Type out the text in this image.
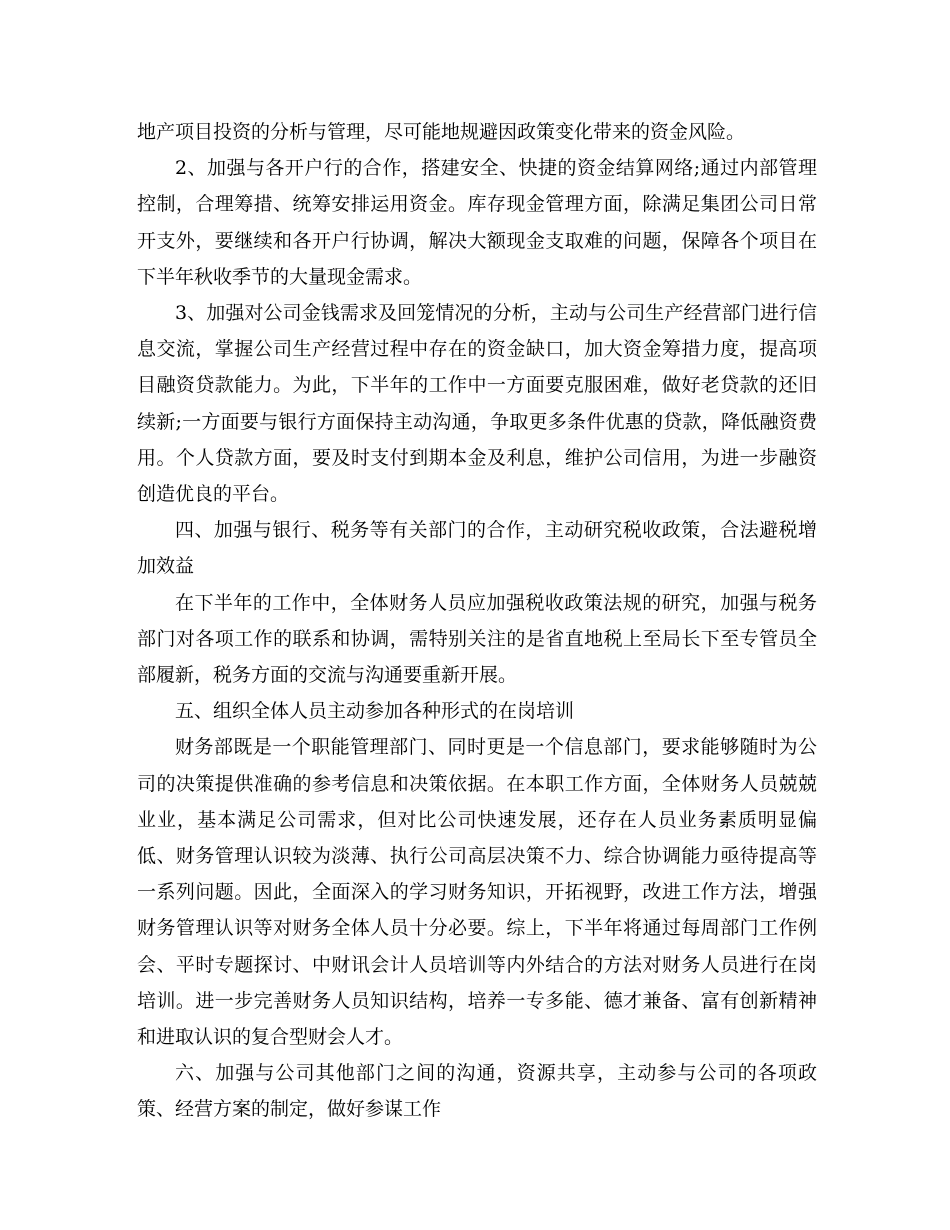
地产项目投资的分析与管理，尽可能地规避因政策变化带来的资金风险。

2、加强与各开户行的合作，搭建安全、快捷的资金结算网络;通过内部管理控制，合理筹措、统筹安排运用资金。库存现金管理方面，除满足集团公司日常开支外，要继续和各开户行协调，解决大额现金支取难的问题，保障各个项目在下半年秋收季节的大量现金需求。

3、加强对公司金钱需求及回笼情况的分析，主动与公司生产经营部门进行信息交流，掌握公司生产经营过程中存在的资金缺口，加大资金筹措力度，提高项目融资贷款能力。为此，下半年的工作中一方面要克服困难，做好老贷款的还旧续新;一方面要与银行方面保持主动沟通，争取更多条件优惠的贷款，降低融资费用。个人贷款方面，要及时支付到期本金及利息，维护公司信用，为进一步融资创造优良的平台。

四、加强与银行、税务等有关部门的合作，主动研究税收政策，合法避税增加效益

在下半年的工作中，全体财务人员应加强税收政策法规的研究，加强与税务部门对各项工作的联系和协调，需特别关注的是省直地税上至局长下至专管员全部履新，税务方面的交流与沟通要重新开展。

五、组织全体人员主动参加各种形式的在岗培训

财务部既是一个职能管理部门、同时更是一个信息部门，要求能够随时为公司的决策提供准确的参考信息和决策依据。在本职工作方面，全体财务人员兢兢业业，基本满足公司需求，但对比公司快速发展，还存在人员业务素质明显偏低、财务管理认识较为淡薄、执行公司高层决策不力、综合协调能力亟待提高等一系列问题。因此，全面深入的学习财务知识，开拓视野，改进工作方法，增强财务管理认识等对财务全体人员十分必要。综上，下半年将通过每周部门工作例会、平时专题探讨、中财讯会计人员培训等内外结合的方法对财务人员进行在岗培训。进一步完善财务人员知识结构，培养一专多能、德才兼备、富有创新精神和进取认识的复合型财会人才。

六、加强与公司其他部门之间的沟通，资源共享，主动参与公司的各项政策、经营方案的制定，做好参谋工作
